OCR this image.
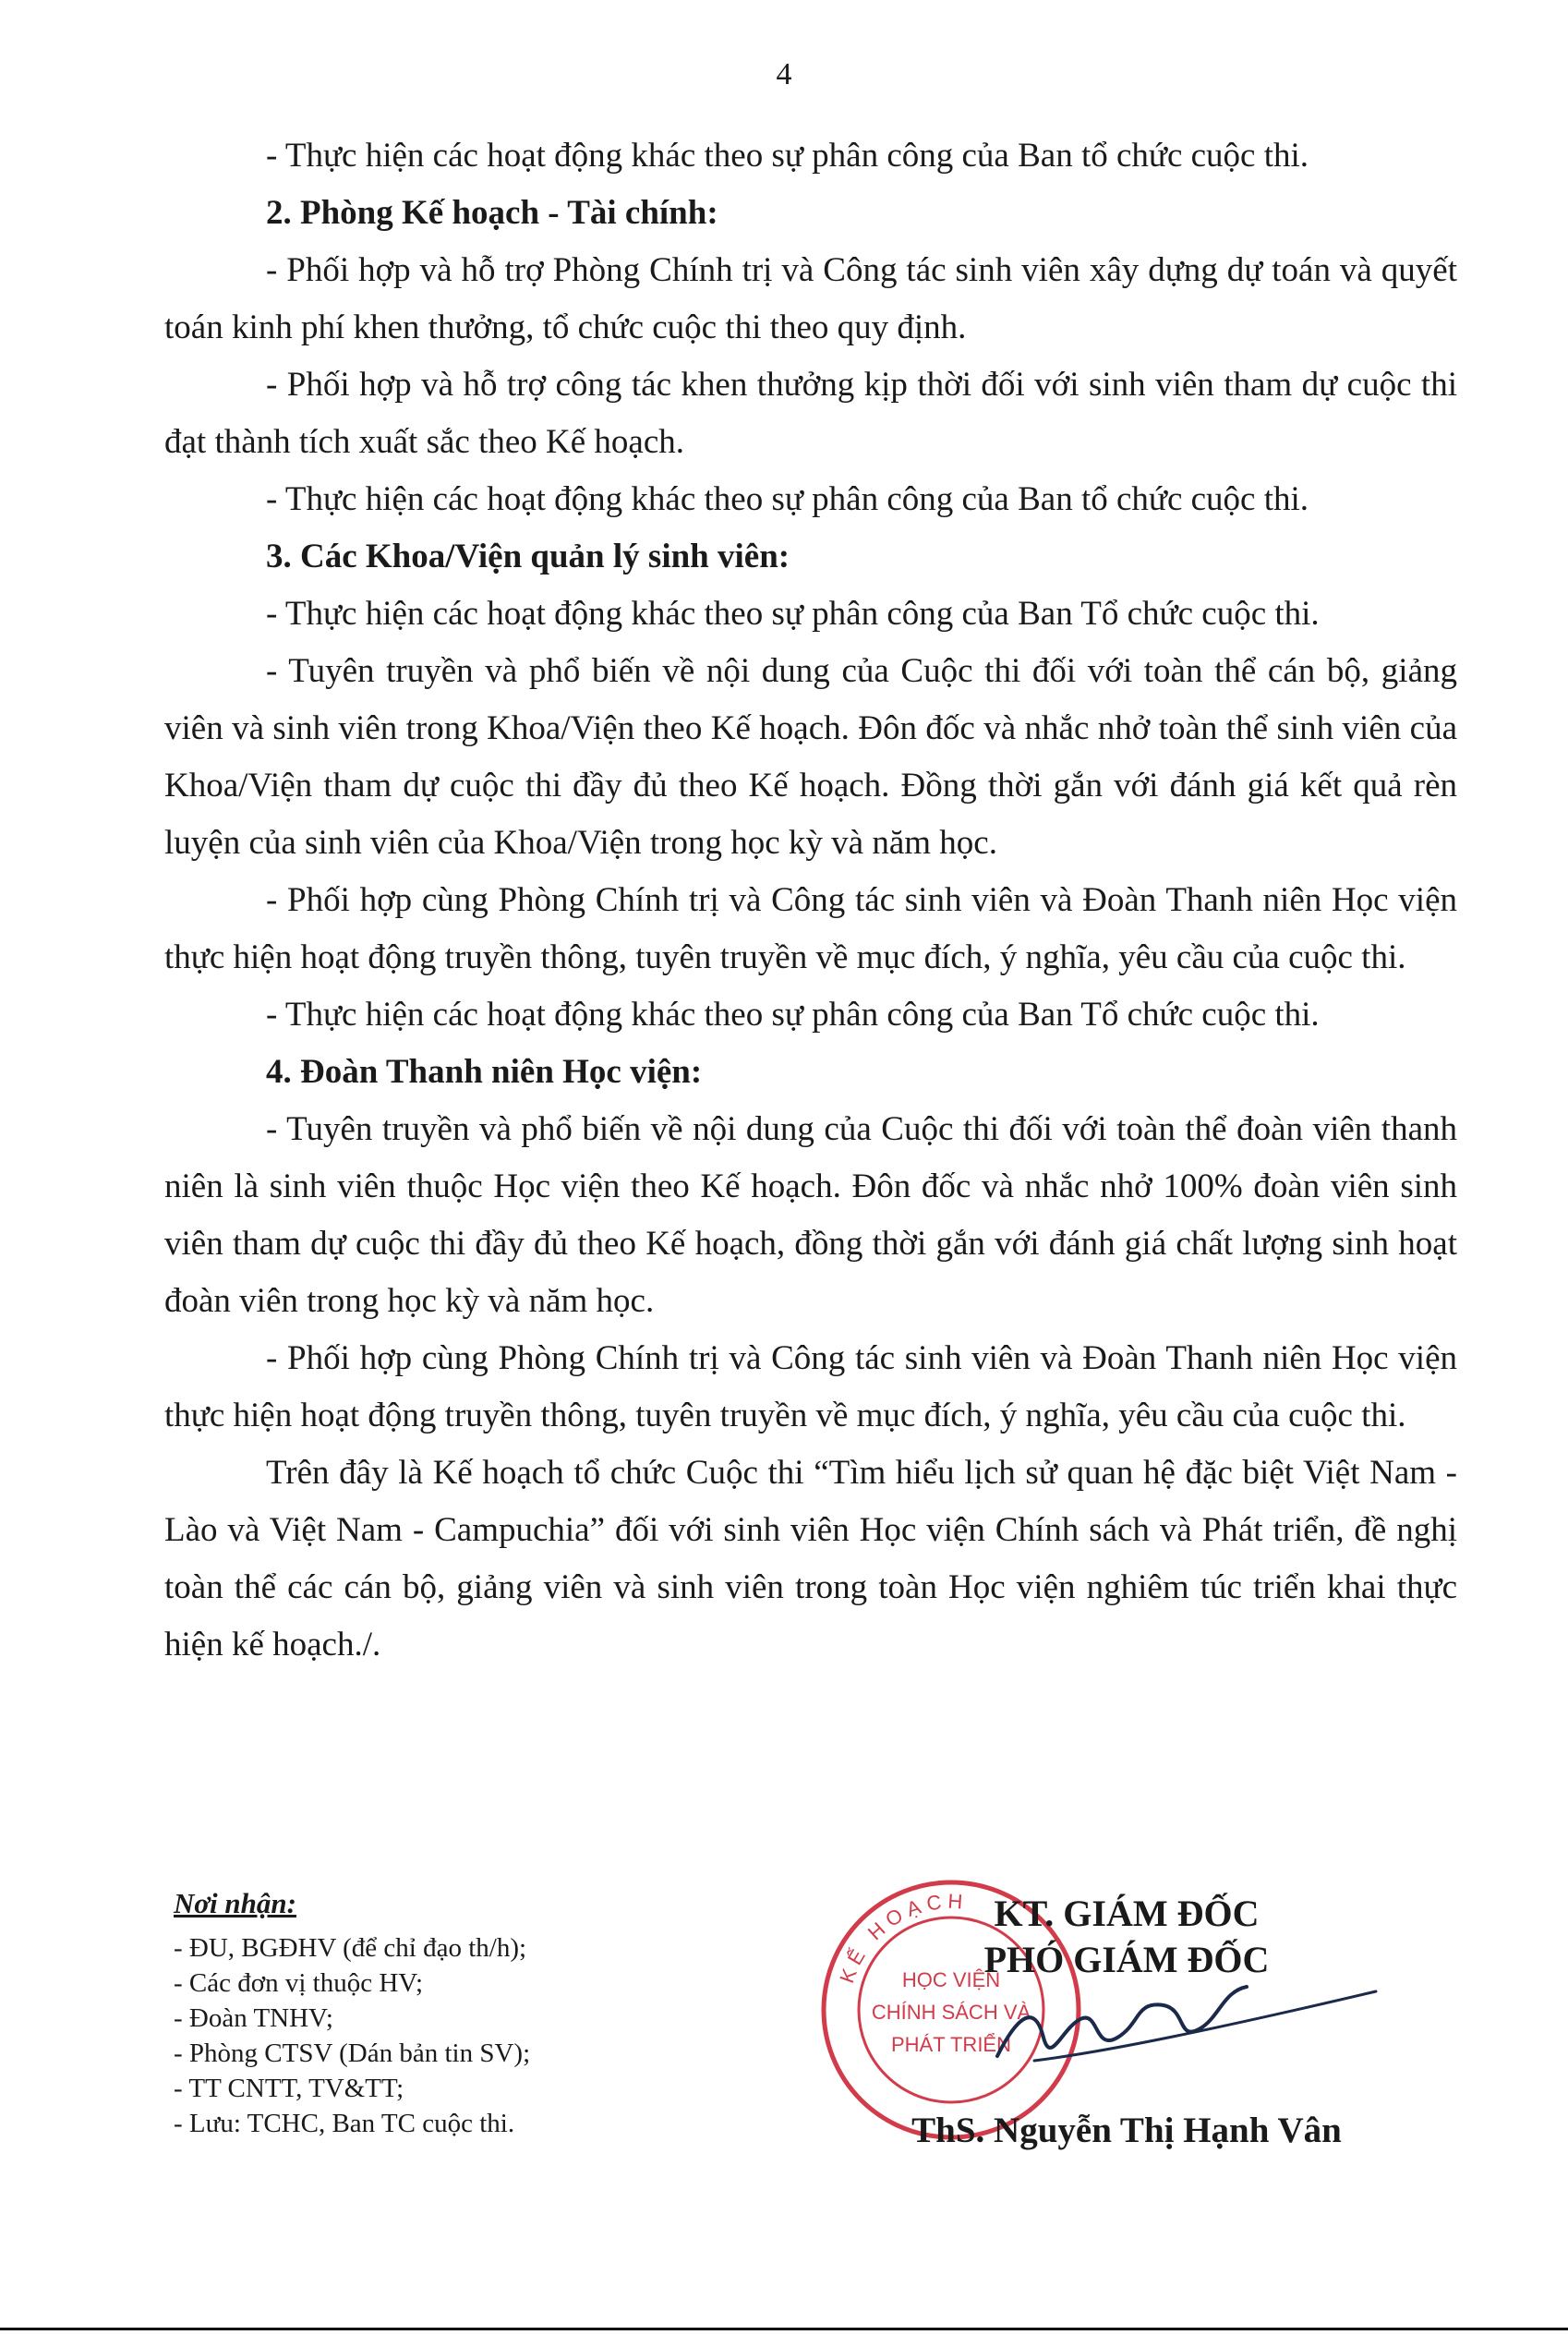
4

- Thực hiện các hoạt động khác theo sự phân công của Ban tổ chức cuộc thi.

2. Phòng Kế hoạch - Tài chính:

- Phối hợp và hỗ trợ Phòng Chính trị và Công tác sinh viên xây dựng dự toán và quyết toán kinh phí khen thưởng, tổ chức cuộc thi theo quy định.

- Phối hợp và hỗ trợ công tác khen thưởng kịp thời đối với sinh viên tham dự cuộc thi đạt thành tích xuất sắc theo Kế hoạch.

- Thực hiện các hoạt động khác theo sự phân công của Ban tổ chức cuộc thi.

3. Các Khoa/Viện quản lý sinh viên:

- Thực hiện các hoạt động khác theo sự phân công của Ban Tổ chức cuộc thi.

- Tuyên truyền và phổ biến về nội dung của Cuộc thi đối với toàn thể cán bộ, giảng viên và sinh viên trong Khoa/Viện theo Kế hoạch. Đôn đốc và nhắc nhở toàn thể sinh viên của Khoa/Viện tham dự cuộc thi đầy đủ theo Kế hoạch. Đồng thời gắn với đánh giá kết quả rèn luyện của sinh viên của Khoa/Viện trong học kỳ và năm học.

- Phối hợp cùng Phòng Chính trị và Công tác sinh viên và Đoàn Thanh niên Học viện thực hiện hoạt động truyền thông, tuyên truyền về mục đích, ý nghĩa, yêu cầu của cuộc thi.

- Thực hiện các hoạt động khác theo sự phân công của Ban Tổ chức cuộc thi.

4. Đoàn Thanh niên Học viện:

- Tuyên truyền và phổ biến về nội dung của Cuộc thi đối với toàn thể đoàn viên thanh niên là sinh viên thuộc Học viện theo Kế hoạch. Đôn đốc và nhắc nhở 100% đoàn viên sinh viên tham dự cuộc thi đầy đủ theo Kế hoạch, đồng thời gắn với đánh giá chất lượng sinh hoạt đoàn viên trong học kỳ và năm học.

- Phối hợp cùng Phòng Chính trị và Công tác sinh viên và Đoàn Thanh niên Học viện thực hiện hoạt động truyền thông, tuyên truyền về mục đích, ý nghĩa, yêu cầu của cuộc thi.

Trên đây là Kế hoạch tổ chức Cuộc thi “Tìm hiểu lịch sử quan hệ đặc biệt Việt Nam - Lào và Việt Nam - Campuchia” đối với sinh viên Học viện Chính sách và Phát triển, đề nghị toàn thể các cán bộ, giảng viên và sinh viên trong toàn Học viện nghiêm túc triển khai thực hiện kế hoạch./.

Nơi nhận:
- ĐU, BGĐHV (để chỉ đạo th/h);
- Các đơn vị thuộc HV;
- Đoàn TNHV;
- Phòng CTSV (Dán bản tin SV);
- TT CNTT, TV&TT;
- Lưu: TCHC, Ban TC cuộc thi.
KẾ HOẠCH
HỌC VIỆN
CHÍNH SÁCH VÀ
PHÁT TRIỂN
KT. GIÁM ĐỐC
PHÓ GIÁM ĐỐC
ThS. Nguyễn Thị Hạnh Vân
